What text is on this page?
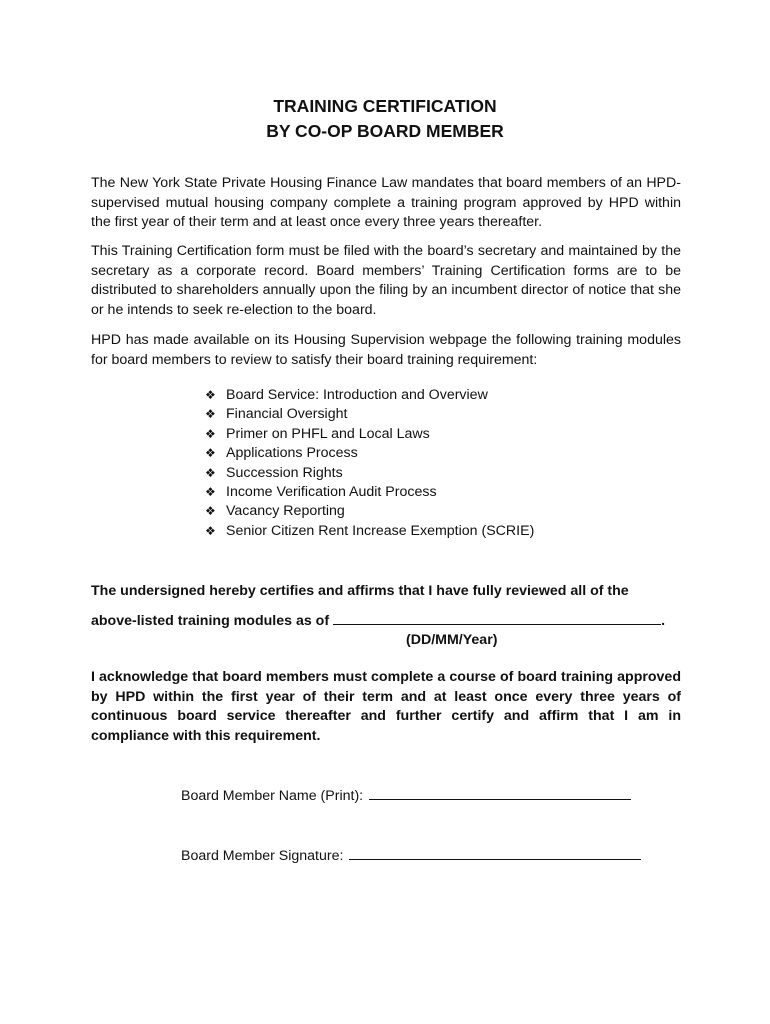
TRAINING CERTIFICATION
BY CO-OP BOARD MEMBER

The New York State Private Housing Finance Law mandates that board members of an HPD-supervised mutual housing company complete a training program approved by HPD within the first year of their term and at least once every three years thereafter.

This Training Certification form must be filed with the board’s secretary and maintained by the secretary as a corporate record. Board members’ Training Certification forms are to be distributed to shareholders annually upon the filing by an incumbent director of notice that she or he intends to seek re-election to the board.

HPD has made available on its Housing Supervision webpage the following training modules for board members to review to satisfy their board training requirement:

❖ Board Service: Introduction and Overview
❖ Financial Oversight
❖ Primer on PHFL and Local Laws
❖ Applications Process
❖ Succession Rights
❖ Income Verification Audit Process
❖ Vacancy Reporting
❖ Senior Citizen Rent Increase Exemption (SCRIE)
The undersigned hereby certifies and affirms that I have fully reviewed all of the
above-listed training modules as of	.
(DD/MM/Year)

I acknowledge that board members must complete a course of board training approved by HPD within the first year of their term and at least once every three years of continuous board service thereafter and further certify and affirm that I am in compliance with this requirement.

Board Member Name (Print):
Board Member Signature:
